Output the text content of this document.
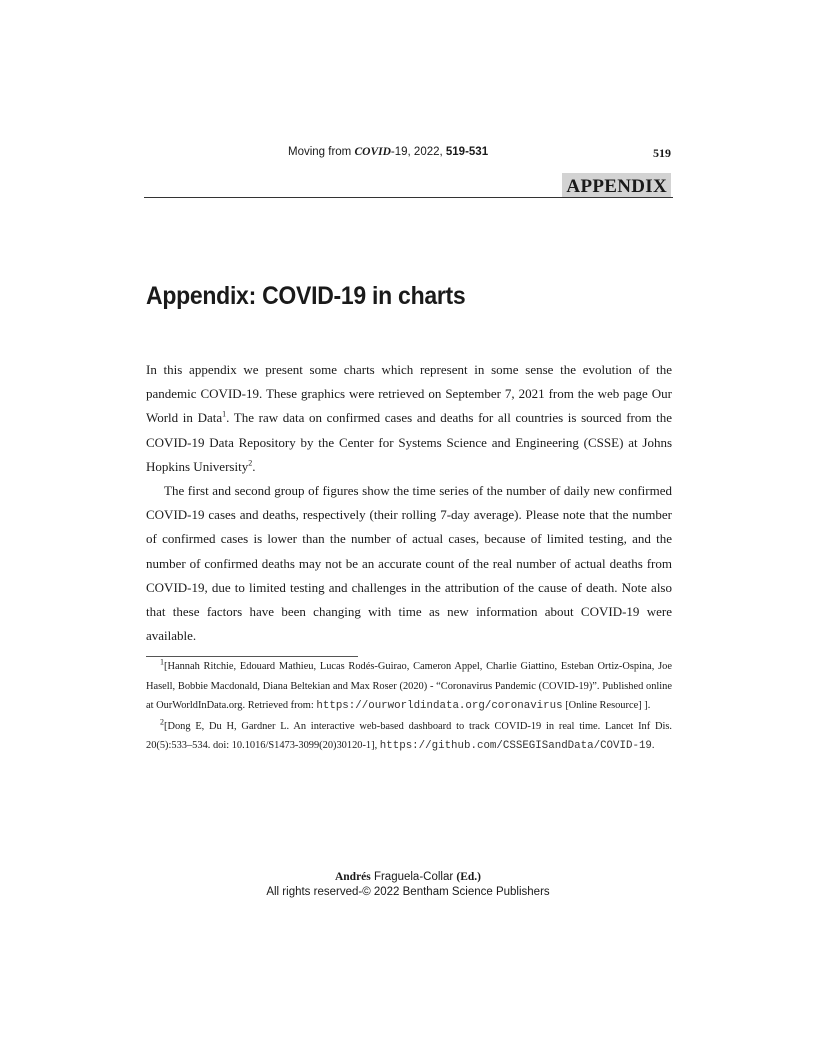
Moving from COVID-19, 2022, 519-531	519
APPENDIX
Appendix: COVID-19 in charts

In this appendix we present some charts which represent in some sense the evolution of the pandemic COVID-19. These graphics were retrieved on September 7, 2021 from the web page Our World in Data$^1$. The raw data on confirmed cases and deaths for all countries is sourced from the COVID-19 Data Repository by the Center for Systems Science and Engineering (CSSE) at Johns Hopkins University$^2$.

The first and second group of figures show the time series of the number of daily new confirmed COVID-19 cases and deaths, respectively (their rolling 7-day average). Please note that the number of confirmed cases is lower than the number of actual cases, because of limited testing, and the number of confirmed deaths may not be an accurate count of the real number of actual deaths from COVID-19, due to limited testing and challenges in the attribution of the cause of death. Note also that these factors have been changing with time as new information about COVID-19 were available.

$^1$[Hannah Ritchie, Edouard Mathieu, Lucas Rodés-Guirao, Cameron Appel, Charlie Giattino, Esteban Ortiz-Ospina, Joe Hasell, Bobbie Macdonald, Diana Beltekian and Max Roser (2020) - “Coronavirus Pandemic (COVID-19)”. Published online at OurWorldInData.org. Retrieved from: https://ourworldindata.org/coronavirus [Online Resource] ].

$^2$[Dong E, Du H, Gardner L. An interactive web-based dashboard to track COVID-19 in real time. Lancet Inf Dis. 20(5):533–534. doi: 10.1016/S1473-3099(20)30120-1], https://github.com/CSSEGISandData/COVID-19.

Andrés Fraguela-Collar (Ed.)
All rights reserved-© 2022 Bentham Science Publishers
